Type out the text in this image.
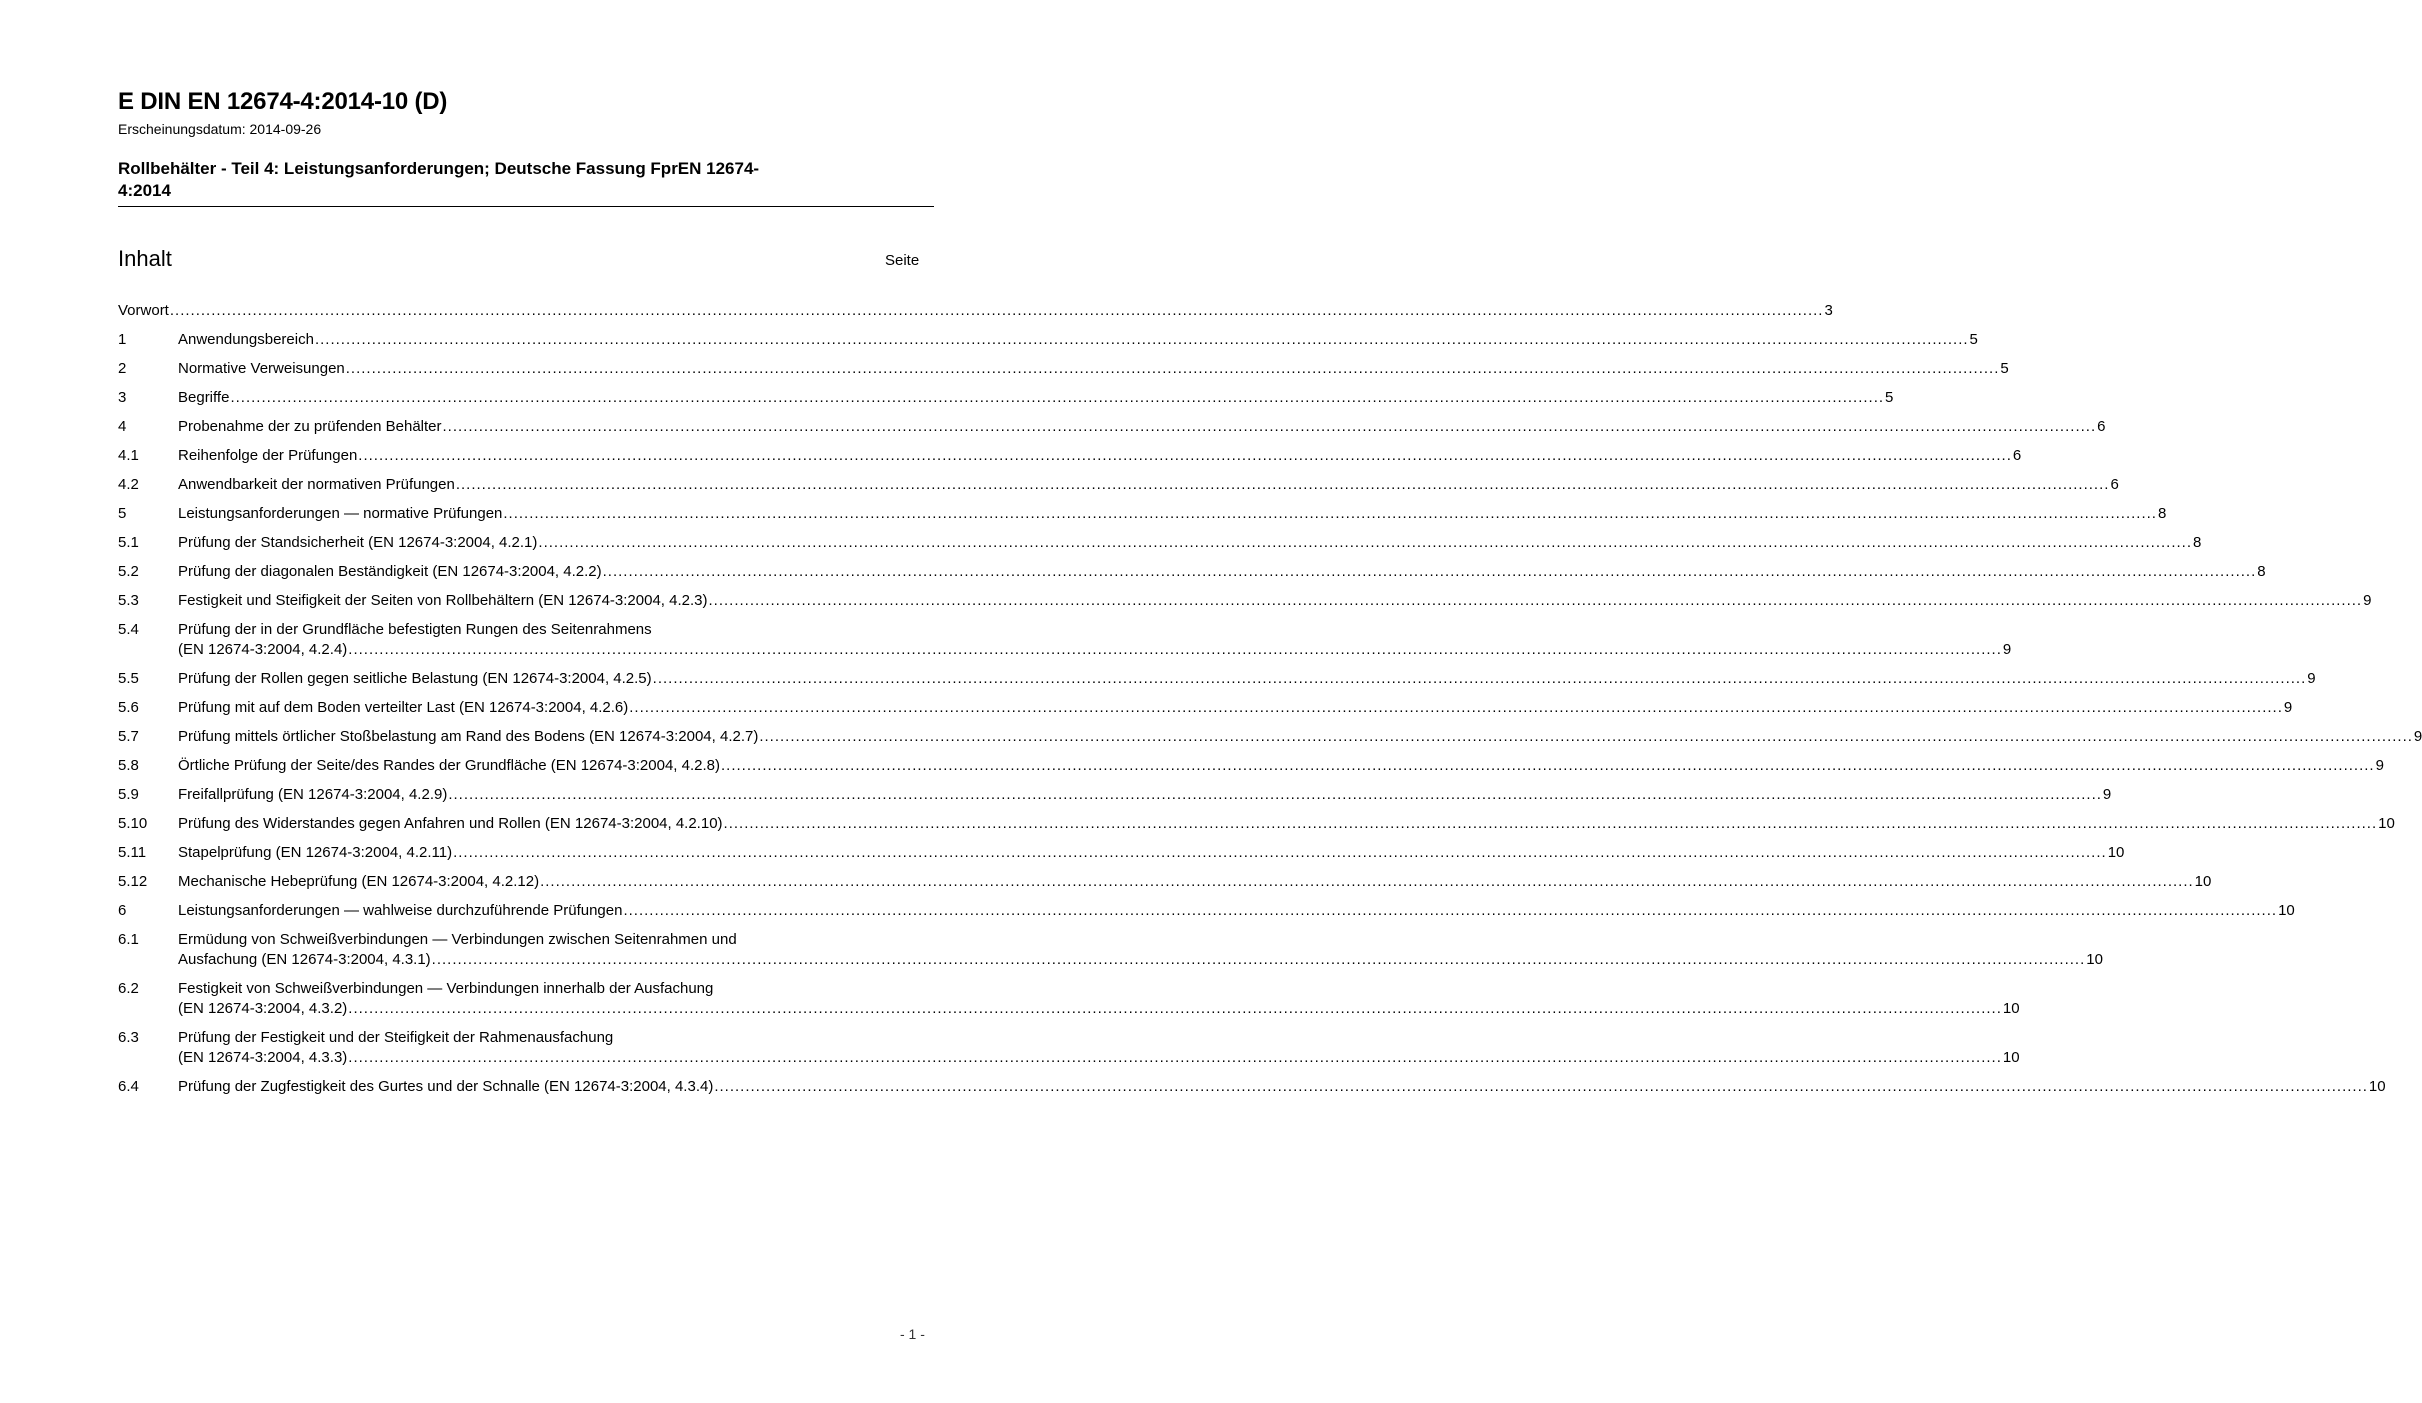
E DIN EN 12674-4:2014-10 (D)
Erscheinungsdatum: 2014-09-26
Rollbehälter - Teil 4: Leistungsanforderungen; Deutsche Fassung FprEN 12674-
4:2014
Inhalt	Seite
Vorwort .....	3
1	Anwendungsbereich .....	5
2	Normative Verweisungen .....	5
3	Begriffe .....	5
4	Probenahme der zu prüfenden Behälter .....	6
4.1	Reihenfolge der Prüfungen .....	6
4.2	Anwendbarkeit der normativen Prüfungen .....	6
5	Leistungsanforderungen — normative Prüfungen .....	8
5.1	Prüfung der Standsicherheit (EN 12674-3:2004, 4.2.1) .....	8
5.2	Prüfung der diagonalen Beständigkeit (EN 12674-3:2004, 4.2.2) .....	8
5.3	Festigkeit und Steifigkeit der Seiten von Rollbehältern (EN 12674-3:2004, 4.2.3) .....	9
5.4	Prüfung der in der Grundfläche befestigten Rungen des Seitenrahmens
(EN 12674-3:2004, 4.2.4) .....	9
5.5	Prüfung der Rollen gegen seitliche Belastung (EN 12674-3:2004, 4.2.5) .....	9
5.6	Prüfung mit auf dem Boden verteilter Last (EN 12674-3:2004, 4.2.6) .....	9
5.7	Prüfung mittels örtlicher Stoßbelastung am Rand des Bodens (EN 12674-3:2004, 4.2.7) .....	9
5.8	Örtliche Prüfung der Seite/des Randes der Grundfläche (EN 12674-3:2004, 4.2.8) .....	9
5.9	Freifallprüfung (EN 12674-3:2004, 4.2.9) .....	9
5.10	Prüfung des Widerstandes gegen Anfahren und Rollen (EN 12674-3:2004, 4.2.10) .....	10
5.11	Stapelprüfung (EN 12674-3:2004, 4.2.11) .....	10
5.12	Mechanische Hebeprüfung (EN 12674-3:2004, 4.2.12) .....	10
6	Leistungsanforderungen — wahlweise durchzuführende Prüfungen .....	10
6.1	Ermüdung von Schweißverbindungen — Verbindungen zwischen Seitenrahmen und
Ausfachung (EN 12674-3:2004, 4.3.1) .....	10
6.2	Festigkeit von Schweißverbindungen — Verbindungen innerhalb der Ausfachung
(EN 12674-3:2004, 4.3.2) .....	10
6.3	Prüfung der Festigkeit und der Steifigkeit der Rahmenausfachung
(EN 12674-3:2004, 4.3.3) .....	10
6.4	Prüfung der Zugfestigkeit des Gurtes und der Schnalle (EN 12674-3:2004, 4.3.4) .....	10
- 1 -
